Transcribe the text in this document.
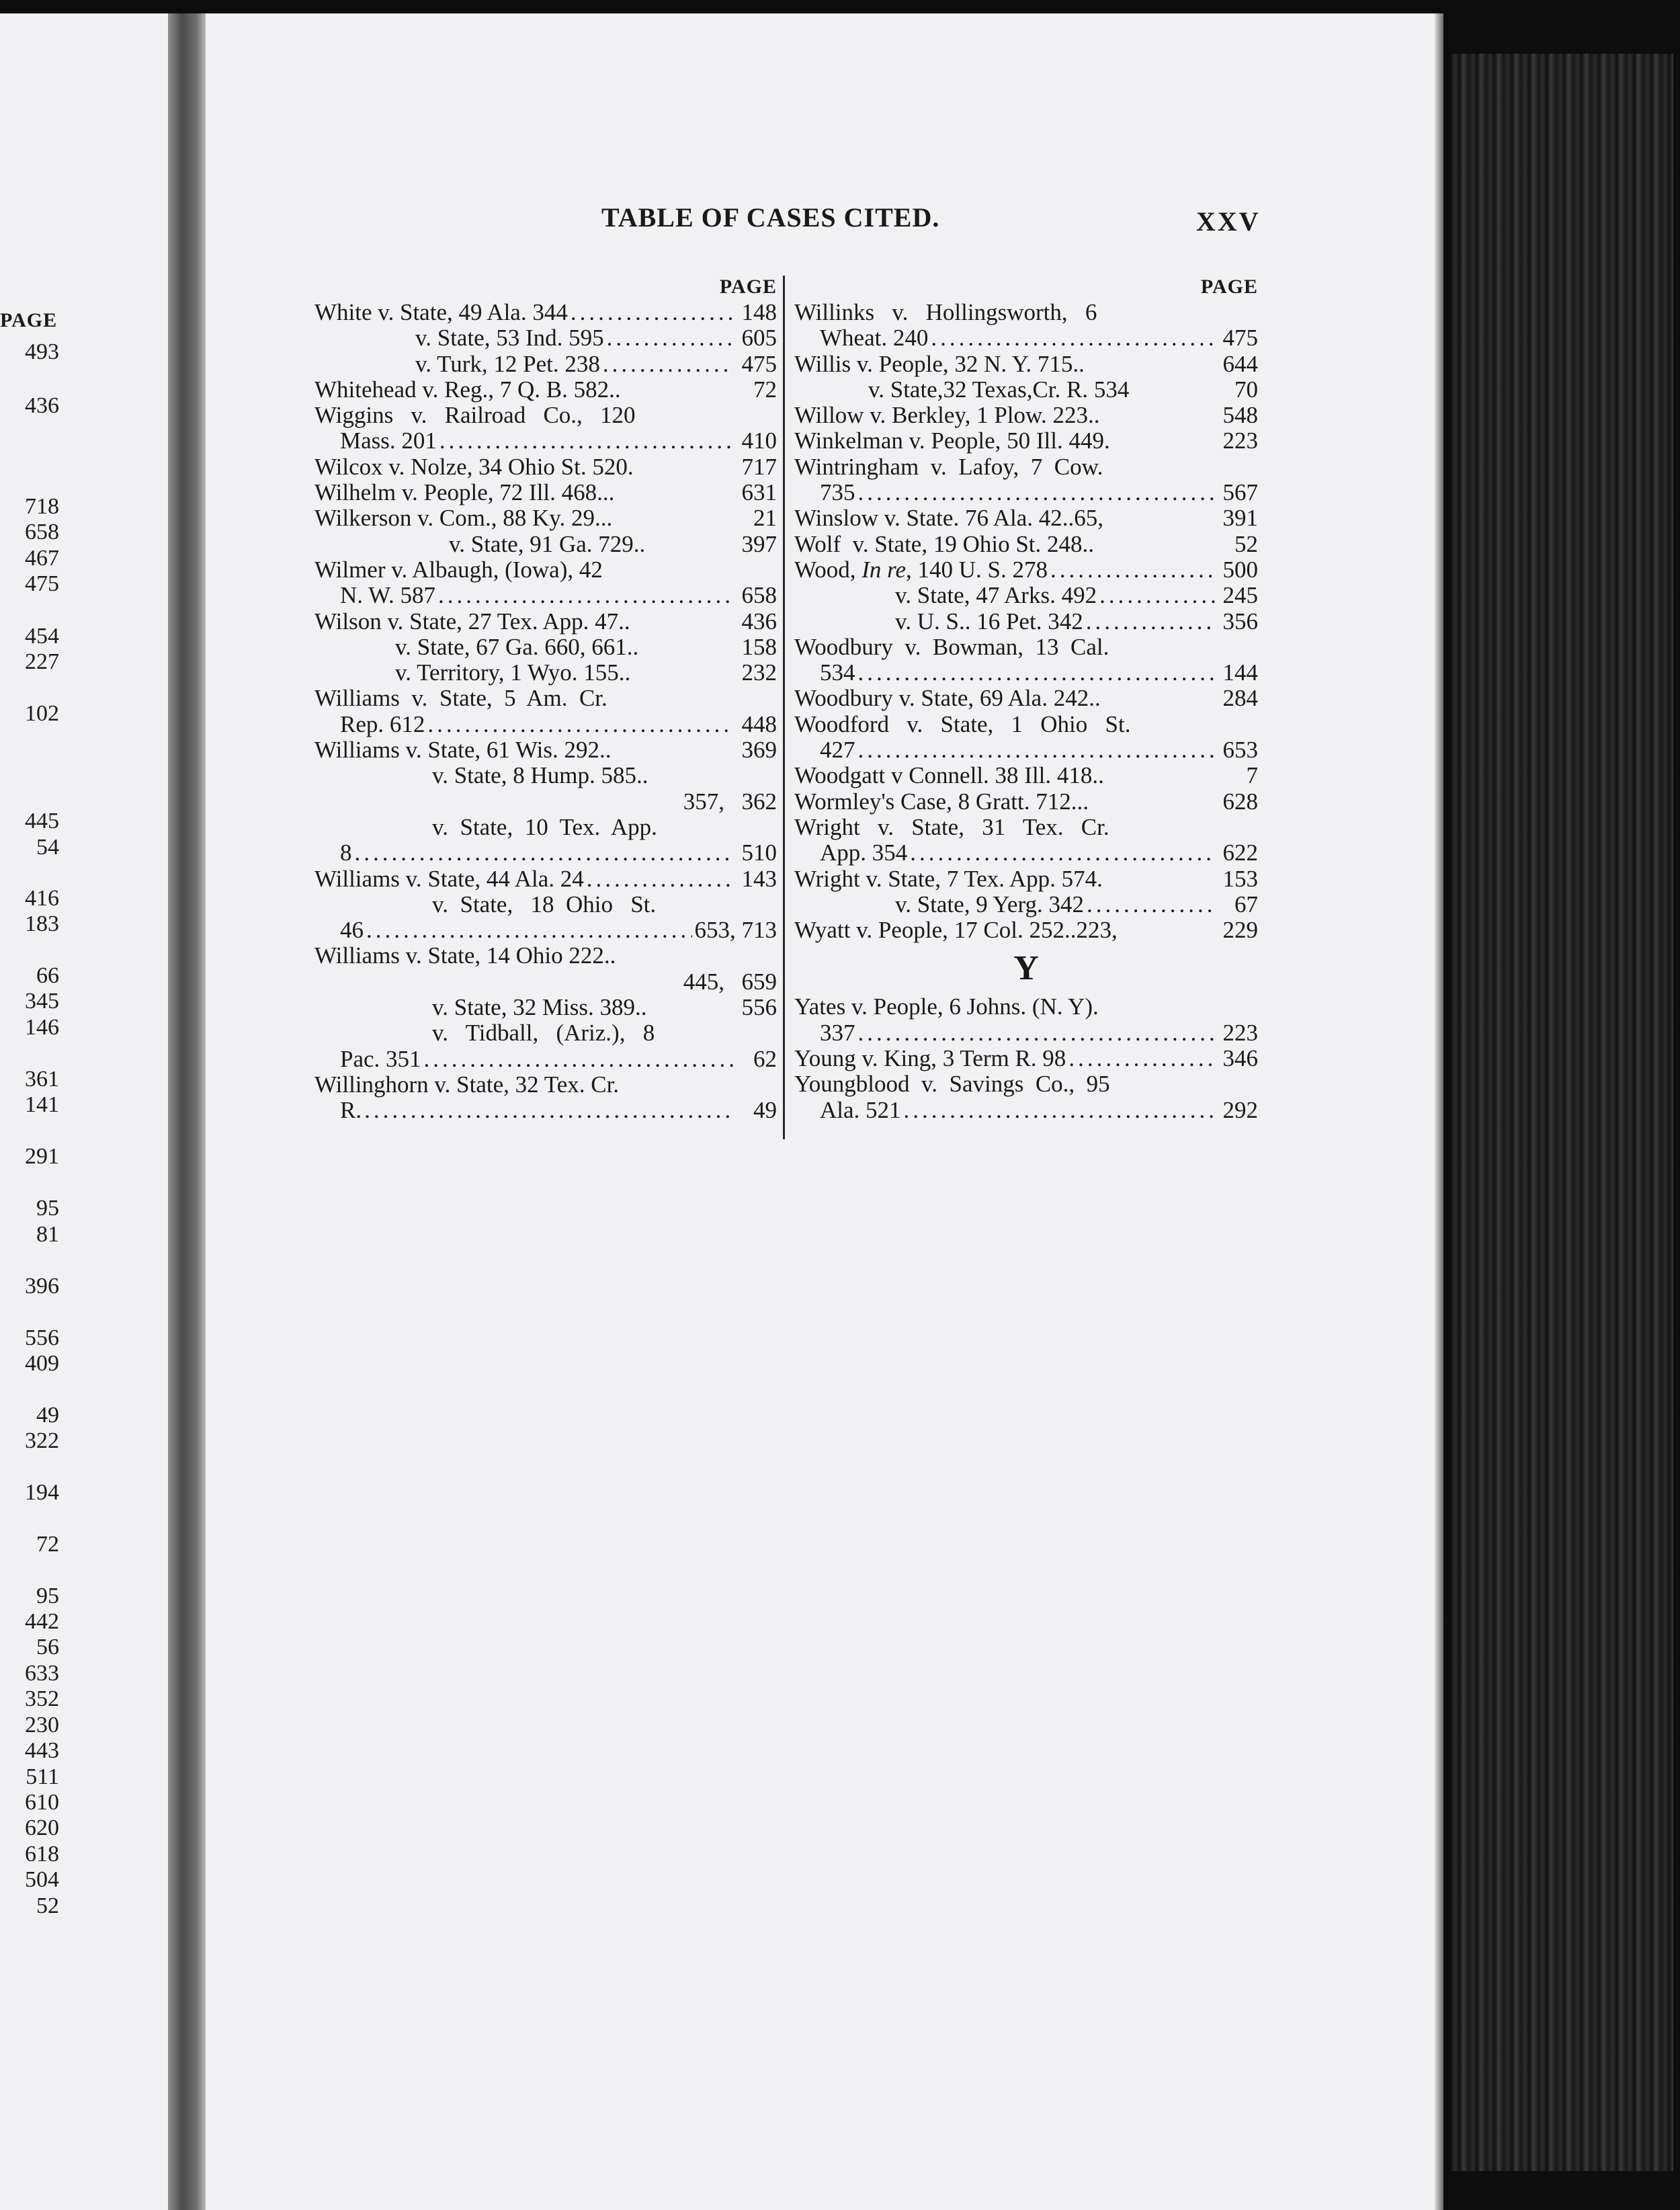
PAGE
493
436
718
658
467
475
454
227
102
445
54
416
183
66
345
146
361
141
291
95
81
396
556
409
49
322
194
72
95
442
56
633
352
230
443
511
610
620
618
504
52
TABLE OF CASES CITED.	XXV
PAGE
White v. State, 49 Ala. 344 .....	148
v. State, 53 Ind. 595 .....	605
v. Turk, 12 Pet. 238 .....	475
Whitehead v. Reg., 7 Q. B. 582..	72
Wiggins   v.   Railroad   Co.,   120
Mass. 201 .....	410
Wilcox v. Nolze, 34 Ohio St. 520.	717
Wilhelm v. People, 72 Ill. 468...	631
Wilkerson v. Com., 88 Ky. 29...	21
v. State, 91 Ga. 729..	397
Wilmer v. Albaugh, (Iowa), 42
N. W. 587 .....	658
Wilson v. State, 27 Tex. App. 47..	436
v. State, 67 Ga. 660, 661..	158
v. Territory, 1 Wyo. 155..	232
Williams  v.  State,  5  Am.  Cr.
Rep. 612 .....	448
Williams v. State, 61 Wis. 292..	369
v. State, 8 Hump. 585..
357, 362
v.  State,  10  Tex.  App.
8 .....	510
Williams v. State, 44 Ala. 24 .....	143
v.  State,   18  Ohio   St.
46 .....	653, 713
Williams v. State, 14 Ohio 222..
445, 659
v. State, 32 Miss. 389..	556
v.   Tidball,   (Ariz.),   8
Pac. 351 .....	62
Willinghorn v. State, 32 Tex. Cr.
R. .....	49
PAGE
Willinks   v.   Hollingsworth,   6
Wheat. 240 .....	475
Willis v. People, 32 N. Y. 715..	644
v. State,32 Texas,Cr. R. 534	70
Willow v. Berkley, 1 Plow. 223..	548
Winkelman v. People, 50 Ill. 449.	223
Wintringham  v.  Lafoy,  7  Cow.
735 .....	567
Winslow v. State. 76 Ala. 42..65,	391
Wolf  v. State, 19 Ohio St. 248..	52
Wood, In re, 140 U. S. 278 .....	500
v. State, 47 Arks. 492 .....	245
v. U. S.. 16 Pet. 342 .....	356
Woodbury  v.  Bowman,  13  Cal.
534 .....	144
Woodbury v. State, 69 Ala. 242..	284
Woodford   v.   State,   1   Ohio   St.
427 .....	653
Woodgatt v Connell. 38 Ill. 418..	7
Wormley's Case, 8 Gratt. 712...	628
Wright   v.   State,   31   Tex.   Cr.
App. 354 .....	622
Wright v. State, 7 Tex. App. 574.	153
v. State, 9 Yerg. 342 .....	67
Wyatt v. People, 17 Col. 252..223,	229
Y
Yates v. People, 6 Johns. (N. Y).
337 .....	223
Young v. King, 3 Term R. 98 .....	346
Youngblood  v.  Savings  Co.,  95
Ala. 521 .....	292
